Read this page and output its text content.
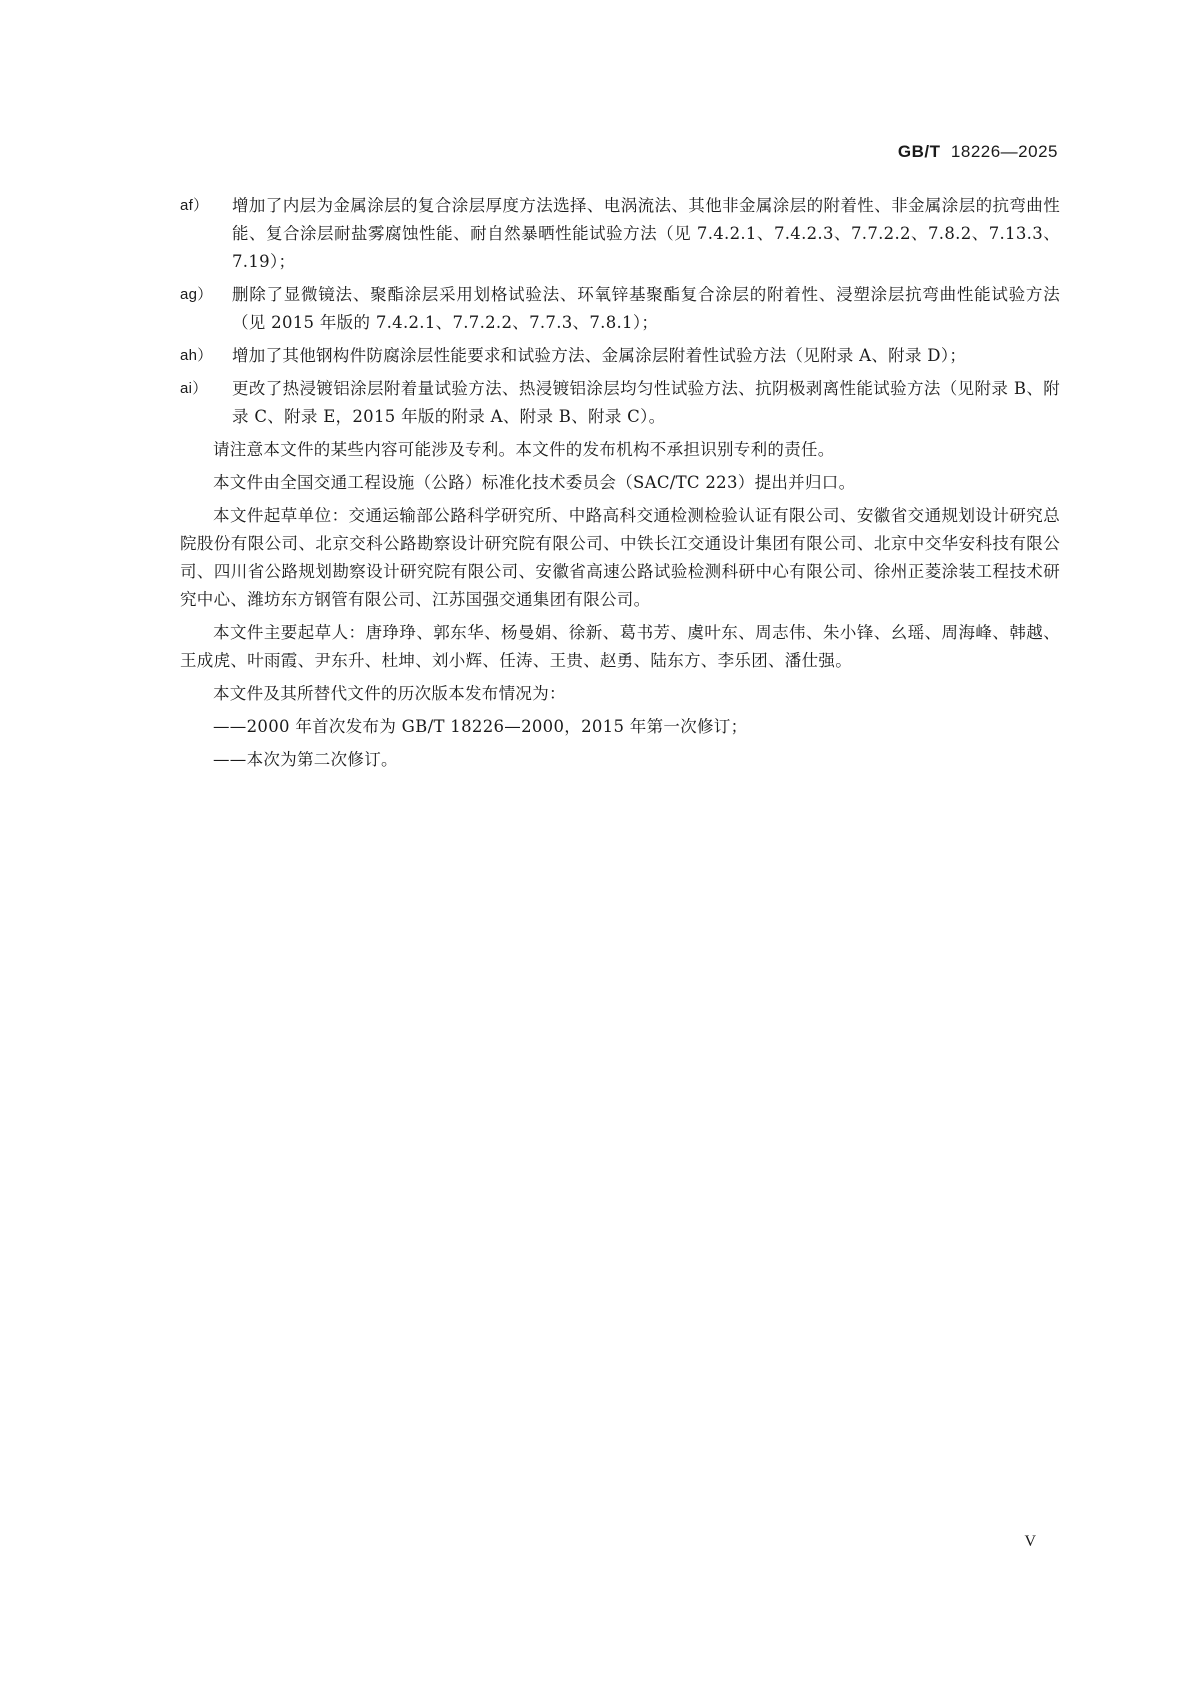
GB/T 18226—2025
af）	增加了内层为金属涂层的复合涂层厚度方法选择、电涡流法、其他非金属涂层的附着性、非金属涂层的抗弯曲性能、复合涂层耐盐雾腐蚀性能、耐自然暴晒性能试验方法（见 7.4.2.1、7.4.2.3、7.7.2.2、7.8.2、7.13.3、7.19）；
ag）	删除了显微镜法、聚酯涂层采用划格试验法、环氧锌基聚酯复合涂层的附着性、浸塑涂层抗弯曲性能试验方法（见 2015 年版的 7.4.2.1、7.7.2.2、7.7.3、7.8.1）；
ah）	增加了其他钢构件防腐涂层性能要求和试验方法、金属涂层附着性试验方法（见附录 A、附录 D）；
ai）	更改了热浸镀铝涂层附着量试验方法、热浸镀铝涂层均匀性试验方法、抗阴极剥离性能试验方法（见附录 B、附录 C、附录 E，2015 年版的附录 A、附录 B、附录 C）。

请注意本文件的某些内容可能涉及专利。本文件的发布机构不承担识别专利的责任。

本文件由全国交通工程设施（公路）标准化技术委员会（SAC/TC 223）提出并归口。

本文件起草单位：交通运输部公路科学研究所、中路高科交通检测检验认证有限公司、安徽省交通规划设计研究总院股份有限公司、北京交科公路勘察设计研究院有限公司、中铁长江交通设计集团有限公司、北京中交华安科技有限公司、四川省公路规划勘察设计研究院有限公司、安徽省高速公路试验检测科研中心有限公司、徐州正菱涂装工程技术研究中心、潍坊东方钢管有限公司、江苏国强交通集团有限公司。

本文件主要起草人：唐琤琤、郭东华、杨曼娟、徐新、葛书芳、虞叶东、周志伟、朱小锋、幺瑶、周海峰、韩越、王成虎、叶雨霞、尹东升、杜坤、刘小辉、任涛、王贵、赵勇、陆东方、李乐团、潘仕强。

本文件及其所替代文件的历次版本发布情况为：

——2000 年首次发布为 GB/T 18226—2000，2015 年第一次修订；

——本次为第二次修订。

V
